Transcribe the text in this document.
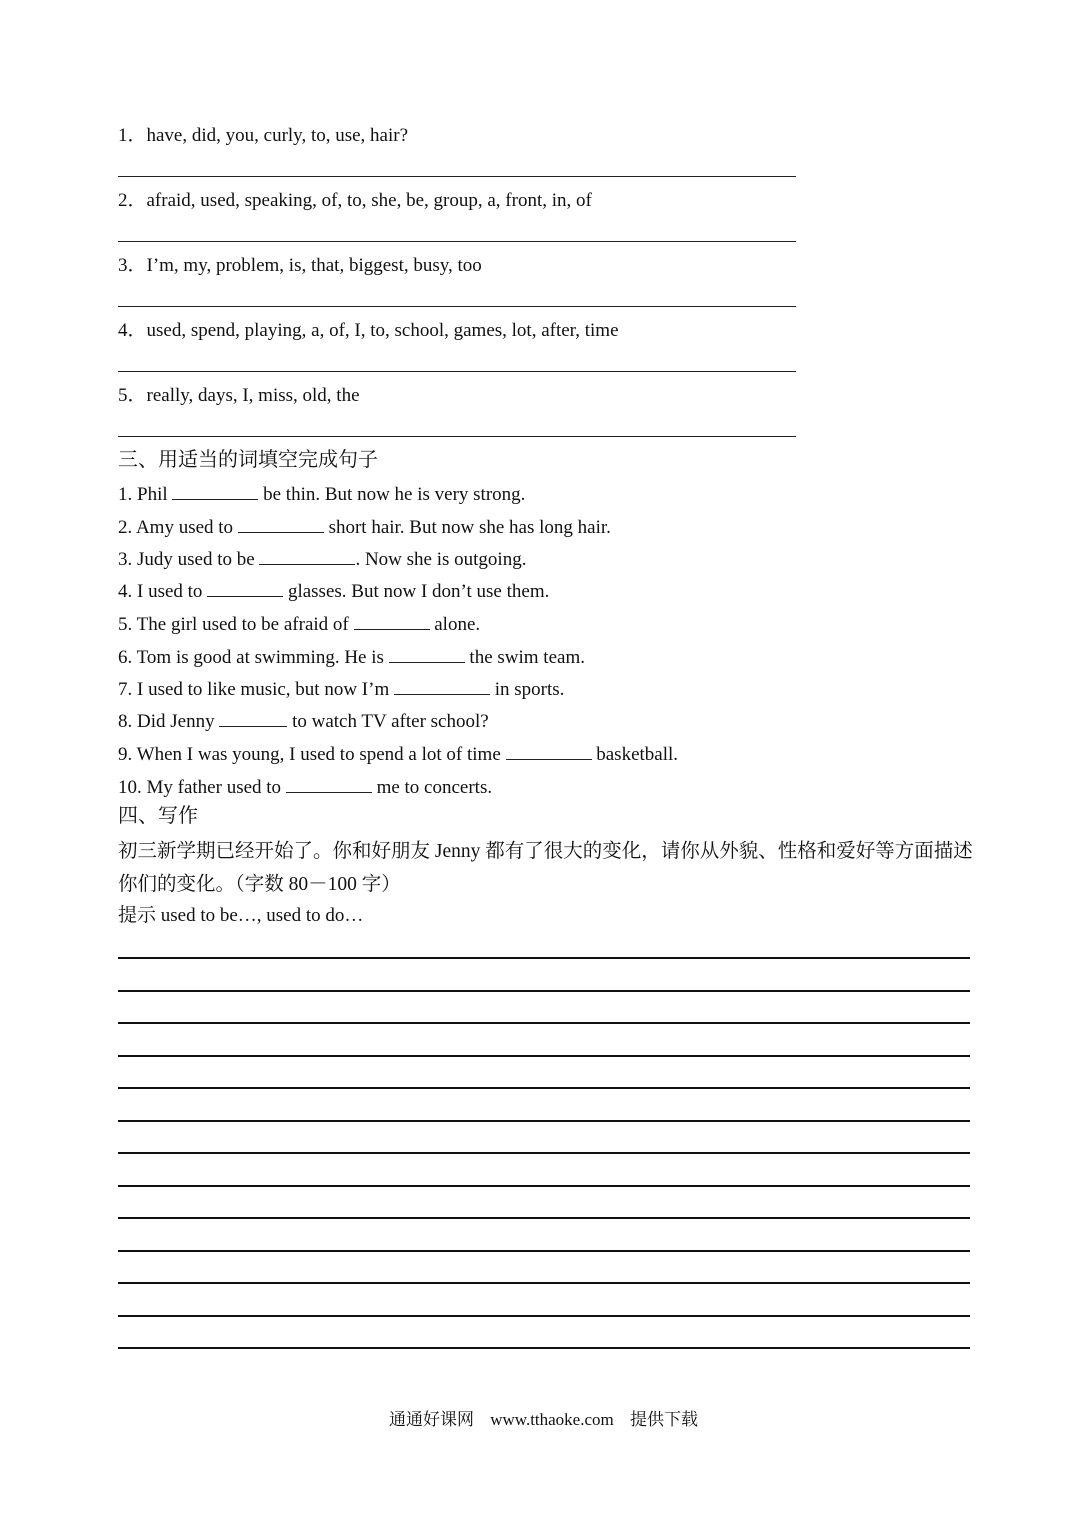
1．have, did, you, curly, to, use, hair?
2．afraid, used, speaking, of, to, she, be, group, a, front, in, of
3．I’m, my, problem, is, that, biggest, busy, too
4．used, spend, playing, a, of, I, to, school, games, lot, after, time
5．really, days, I, miss, old, the
三、用适当的词填空完成句子
1. Phil	be thin. But now he is very strong.
2. Amy used to	short hair. But now she has long hair.
3. Judy used to be	. Now she is outgoing.
4. I used to	glasses. But now I don’t use them.
5. The girl used to be afraid of	alone.
6. Tom is good at swimming. He is	the swim team.
7. I used to like music, but now I’m	in sports.
8. Did Jenny	to watch TV after school?
9. When I was young, I used to spend a lot of time	basketball.
10. My father used to	me to concerts.
四、写作
初三新学期已经开始了。你和好朋友 Jenny 都有了很大的变化，请你从外貌、性格和爱好等方面描述你们的变化。（字数 80－100 字）
提示 used to be…, used to do…
通通好课网 www.tthaoke.com 提供下载
